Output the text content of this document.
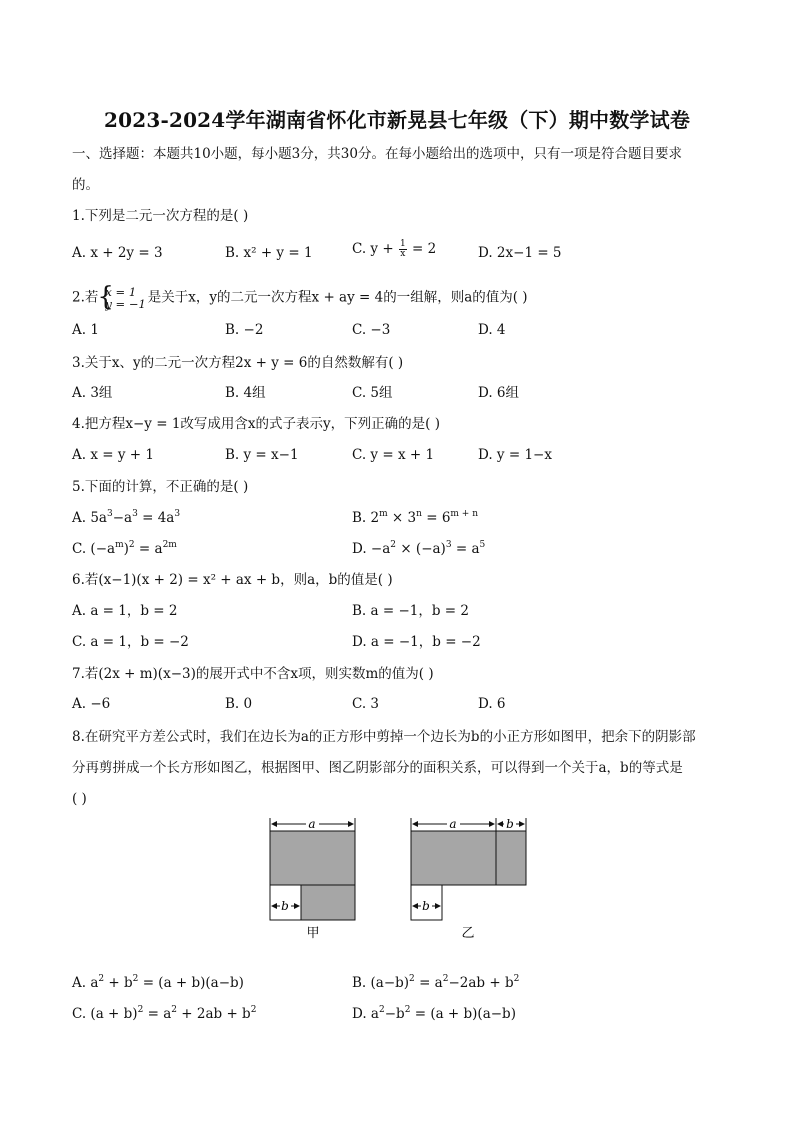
2023-2024学年湖南省怀化市新晃县七年级（下）期中数学试卷
一、选择题：本题共10小题，每小题3分，共30分。在每小题给出的选项中，只有一项是符合题目要求
的。
1.下列是二元一次方程的是( )
A. x + 2y = 3	B. x² + y = 1	C. $y + \frac{1}{x} = 2$	D. 2x−1 = 5
2.若
{ x = 1
y = −1 是关于x，y的二元一次方程x + ay = 4的一组解，则a的值为( )
A. 1	B. −2	C. −3	D. 4
3.关于x、y的二元一次方程2x + y = 6的自然数解有( )
A. 3组	B. 4组	C. 5组	D. 6组
4.把方程x−y = 1改写成用含x的式子表示y，下列正确的是( )
A. x = y + 1	B. y = x−1	C. y = x + 1	D. y = 1−x
5.下面的计算，不正确的是( )
A. $5a^3-a^3 = 4a^3$	B. $2^m \times 3^n = 6^{m + n}$
C. $(-a^m)^2 = a^{2m}$	D. $-a^2 \times (-a)^3 = a^5$
6.若(x−1)(x + 2) = x² + ax + b，则a，b的值是( )
A. a = 1，b = 2	B. a = −1，b = 2
C. a = 1，b = −2	D. a = −1，b = −2
7.若(2x + m)(x−3)的展开式中不含x项，则实数m的值为( )
A. −6	B. 0	C. 3	D. 6
8.在研究平方差公式时，我们在边长为a的正方形中剪掉一个边长为b的小正方形如图甲，把余下的阴影部
分再剪拼成一个长方形如图乙，根据图甲、图乙阴影部分的面积关系，可以得到一个关于a，b的等式是
( )
a
b
甲
a	b
b
乙
A. $a^2 + b^2 = (a + b)(a-b)$	B. $(a-b)^2 = a^2-2ab + b^2$
C. $(a + b)^2 = a^2 + 2ab + b^2$	D. $a^2-b^2 = (a + b)(a-b)$
